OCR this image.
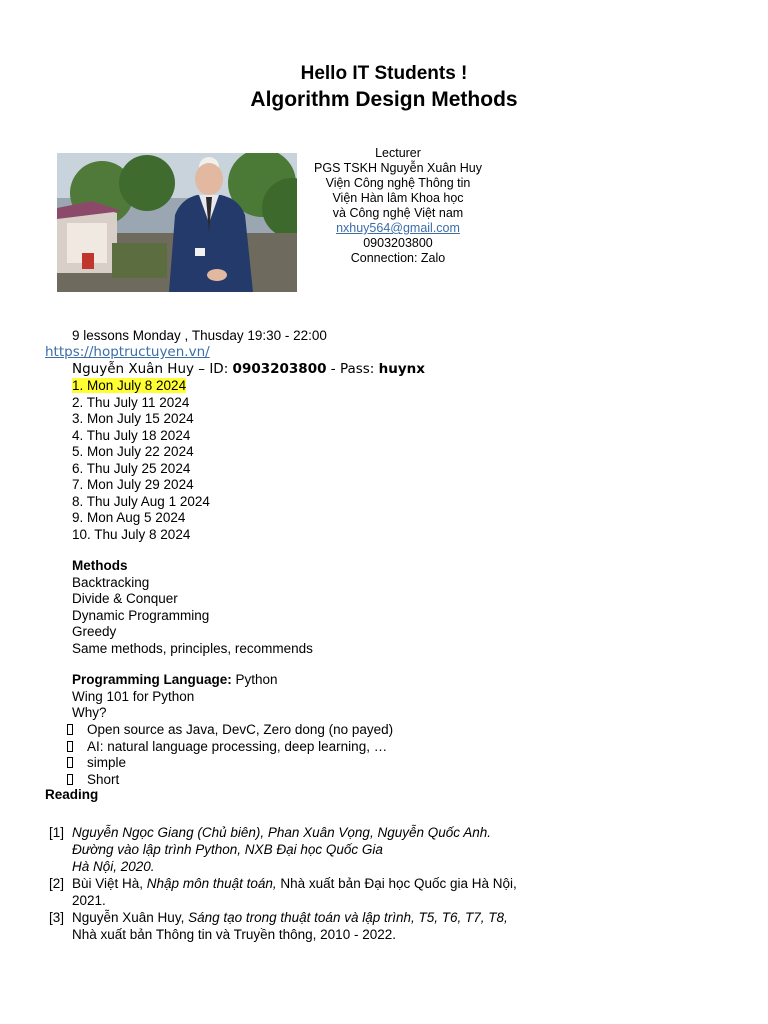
Hello IT Students !
Algorithm Design Methods
Lecturer
PGS TSKH Nguyễn Xuân Huy
Viện Công nghệ Thông tin
Viện Hàn lâm Khoa học
và Công nghệ Việt nam
nxhuy564@gmail.com
0903203800
Connection: Zalo
9 lessons Monday , Thusday 19:30 - 22:00
https://hoptructuyen.vn/
Nguyễn Xuân Huy – ID: 0903203800 - Pass: huynx
1. Mon July 8 2024
2. Thu July 11 2024
3. Mon July 15 2024
4. Thu July 18 2024
5. Mon July 22 2024
6. Thu July 25 2024
7. Mon July 29 2024
8. Thu July Aug 1 2024
9. Mon Aug 5 2024
10. Thu July 8 2024
Methods
Backtracking
Divide & Conquer
Dynamic Programming
Greedy
Same methods, principles, recommends
Programming Language: Python
Wing 101 for Python
Why?
Open source as Java, DevC, Zero dong (no payed)
AI: natural language processing, deep learning, …
simple
Short
Reading
[1] Nguyễn Ngọc Giang (Chủ biên), Phan Xuân Vọng, Nguyễn Quốc Anh.
Đường vào lập trình Python, NXB Đại học Quốc Gia
Hà Nội, 2020.
[2] Bùi Việt Hà, Nhập môn thuật toán, Nhà xuất bản Đại học Quốc gia Hà Nội,
2021.
[3] Nguyễn Xuân Huy, Sáng tạo trong thuật toán và lập trình, T5, T6, T7, T8,
Nhà xuất bản Thông tin và Truyền thông, 2010 - 2022.
